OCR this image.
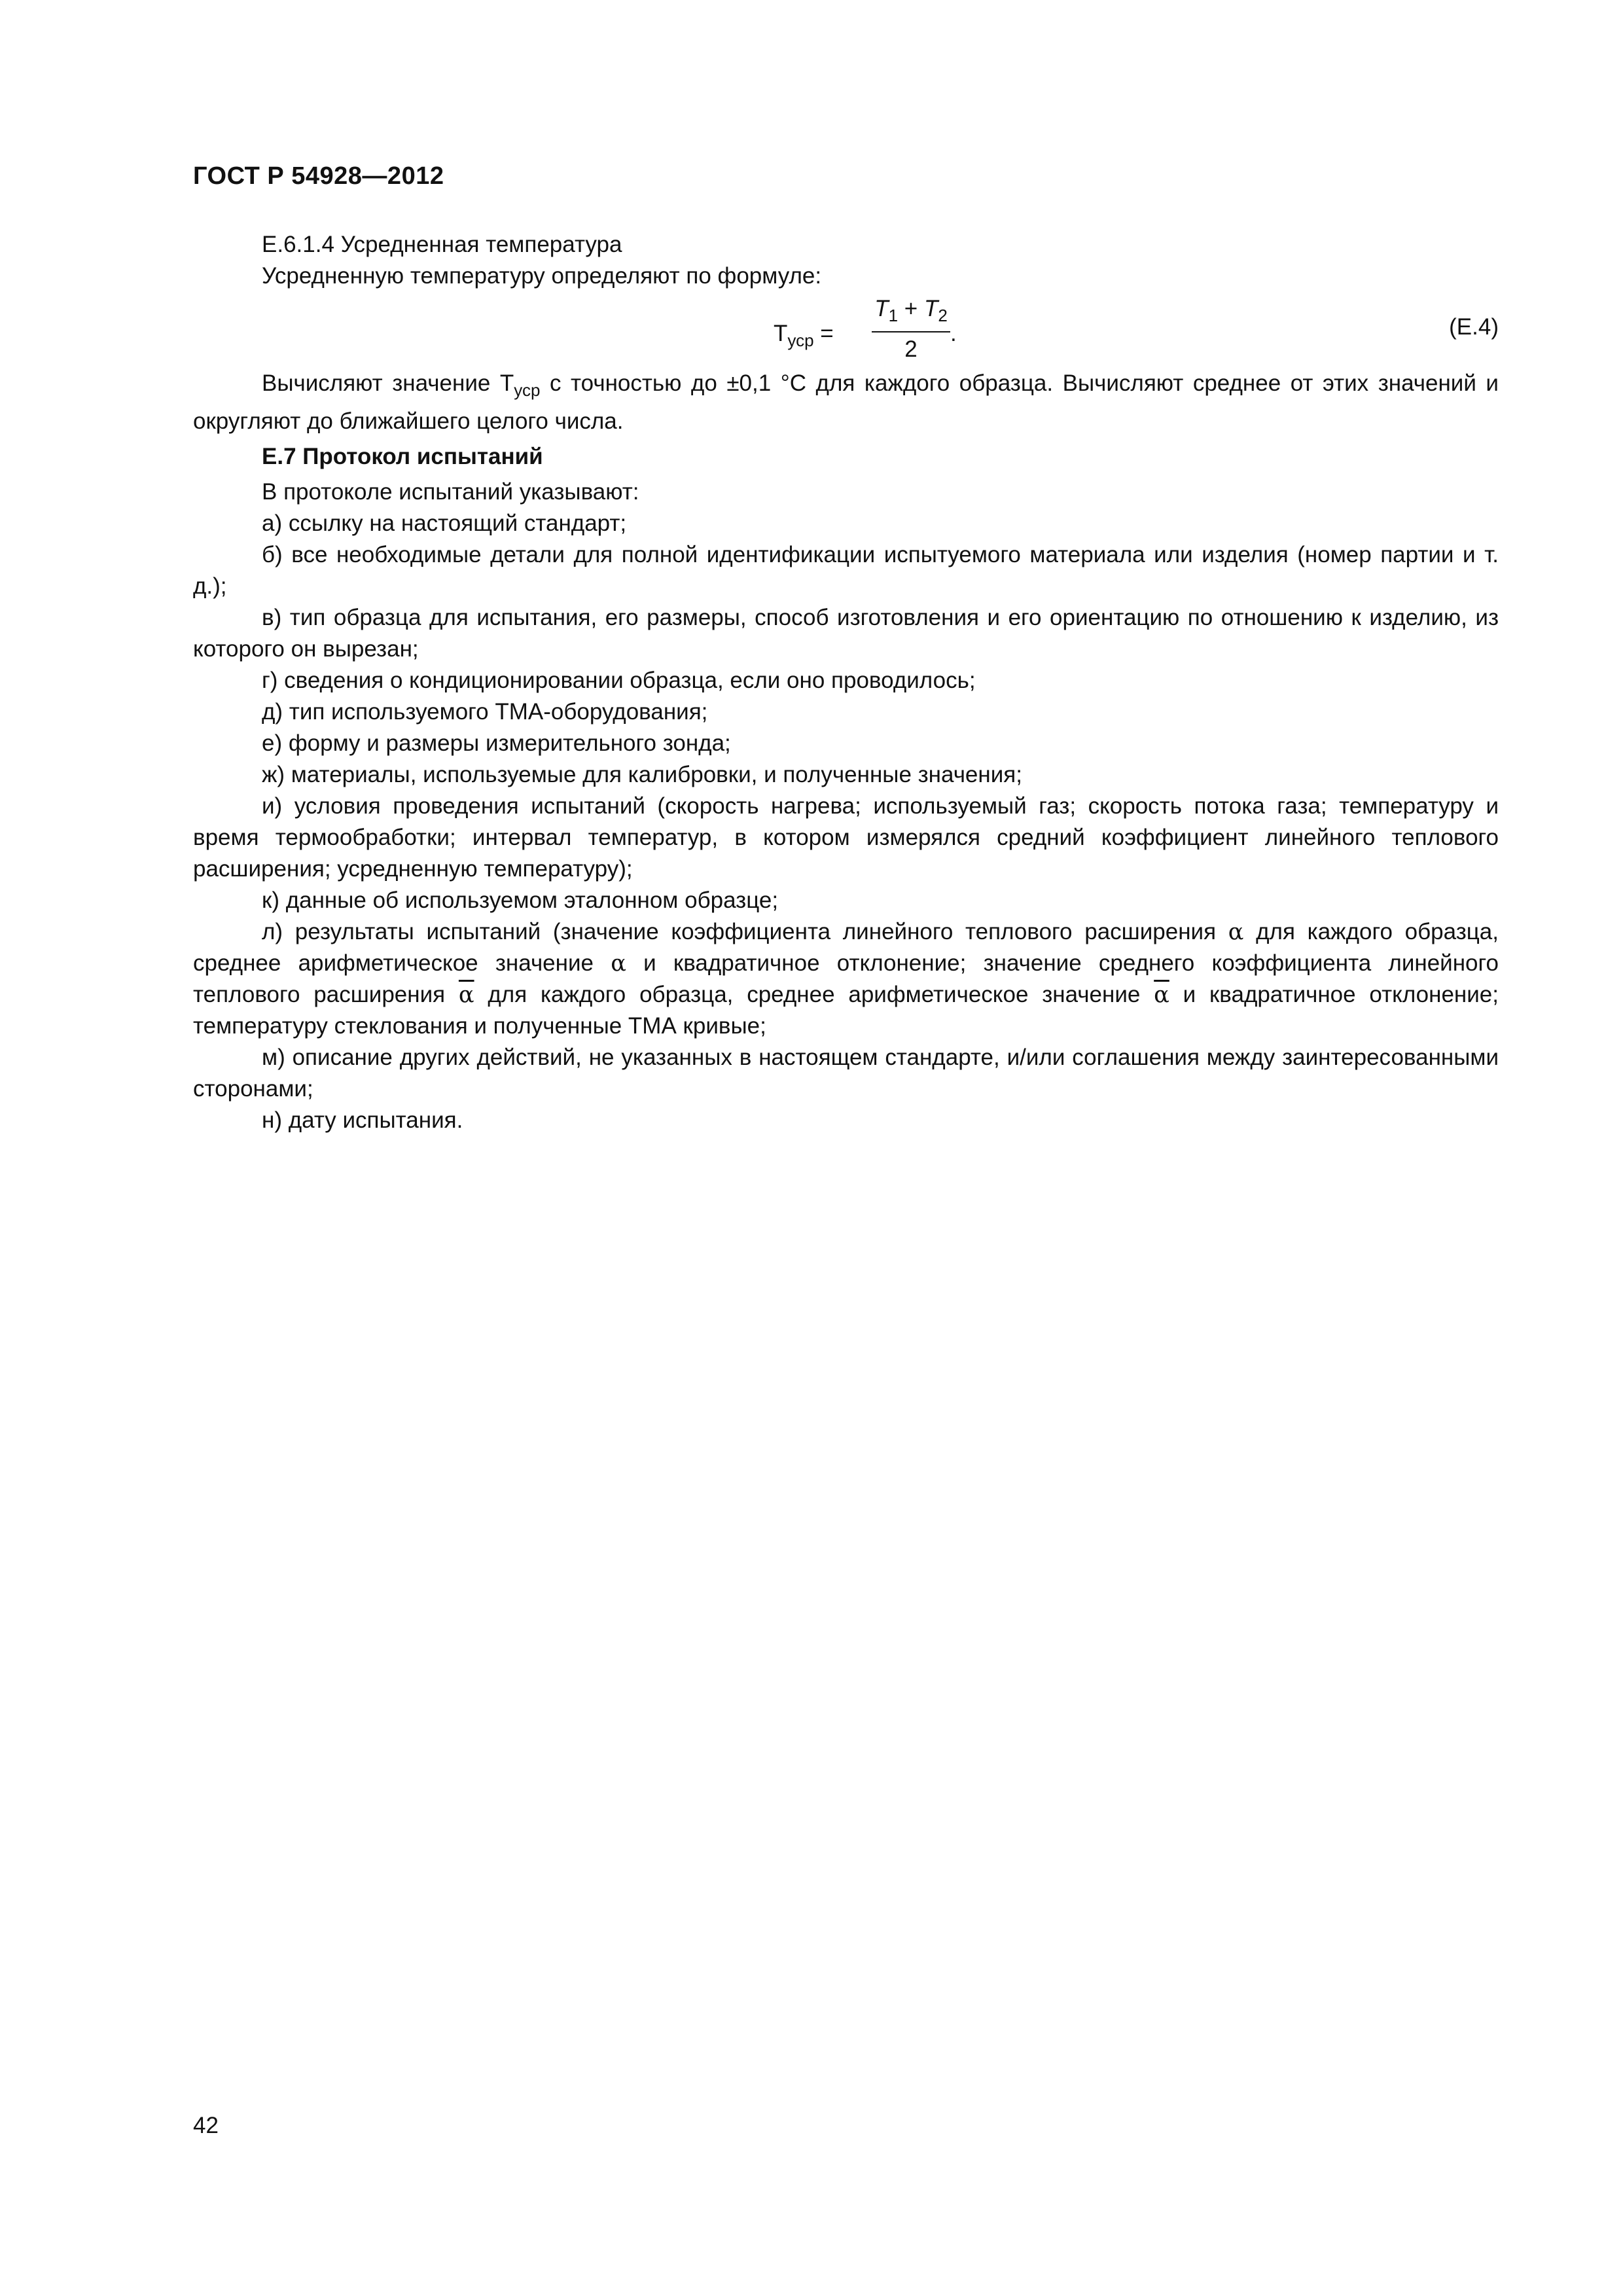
ГОСТ Р 54928—2012

Е.6.1.4 Усредненная температура

Усредненную температуру определяют по формуле:

$T_{уср}$ =
$T_1 + T_2$
2
.	(Е.4)

Вычисляют значение $T_{уср}$ с точностью до ±0,1 °С для каждого образца. Вычисляют среднее от этих значений и округляют до ближайшего целого числа.

Е.7 Протокол испытаний

В протоколе испытаний указывают:

а) ссылку на настоящий стандарт;

б) все необходимые детали для полной идентификации испытуемого материала или изделия (номер партии и т. д.);

в) тип образца для испытания, его размеры, способ изготовления и его ориентацию по отношению к изделию, из которого он вырезан;

г) сведения о кондиционировании образца, если оно проводилось;

д) тип используемого ТМА-оборудования;

е) форму и размеры измерительного зонда;

ж) материалы, используемые для калибровки, и полученные значения;

и) условия проведения испытаний (скорость нагрева; используемый газ; скорость потока газа; температуру и время термообработки; интервал температур, в котором измерялся средний коэффициент линейного теплового расширения; усредненную температуру);

к) данные об используемом эталонном образце;

л) результаты испытаний (значение коэффициента линейного теплового расширения α для каждого образца, среднее арифметическое значение α и квадратичное отклонение; значение среднего коэффициента линейного теплового расширения $\overline{\alpha}$ для каждого образца, среднее арифметическое значение $\overline{\alpha}$ и квадратичное отклонение; температуру стеклования и полученные ТМА кривые;

м) описание других действий, не указанных в настоящем стандарте, и/или соглашения между заинтересованными сторонами;

н) дату испытания.

42
